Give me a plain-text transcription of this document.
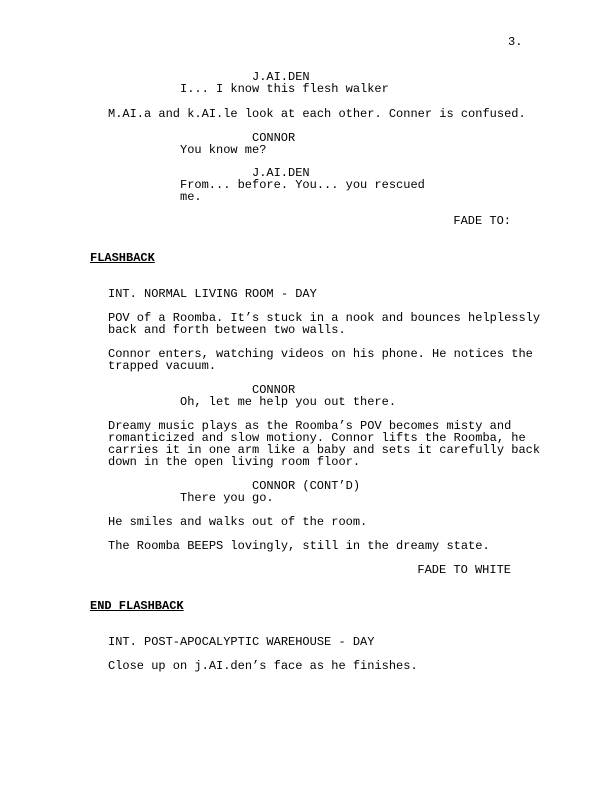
3.
J.AI.DEN
I... I know this flesh walker
M.AI.a and k.AI.le look at each other. Conner is confused.
CONNOR
You know me?
J.AI.DEN
From... before. You... you rescued
me.
FADE TO:
FLASHBACK
INT. NORMAL LIVING ROOM - DAY
POV of a Roomba. It’s stuck in a nook and bounces helplessly
back and forth between two walls.
Connor enters, watching videos on his phone. He notices the
trapped vacuum.
CONNOR
Oh, let me help you out there.
Dreamy music plays as the Roomba’s POV becomes misty and
romanticized and slow motiony. Connor lifts the Roomba, he
carries it in one arm like a baby and sets it carefully back
down in the open living room floor.
CONNOR (CONT’D)
There you go.
He smiles and walks out of the room.
The Roomba BEEPS lovingly, still in the dreamy state.
FADE TO WHITE
END FLASHBACK
INT. POST-APOCALYPTIC WAREHOUSE - DAY
Close up on j.AI.den’s face as he finishes.
